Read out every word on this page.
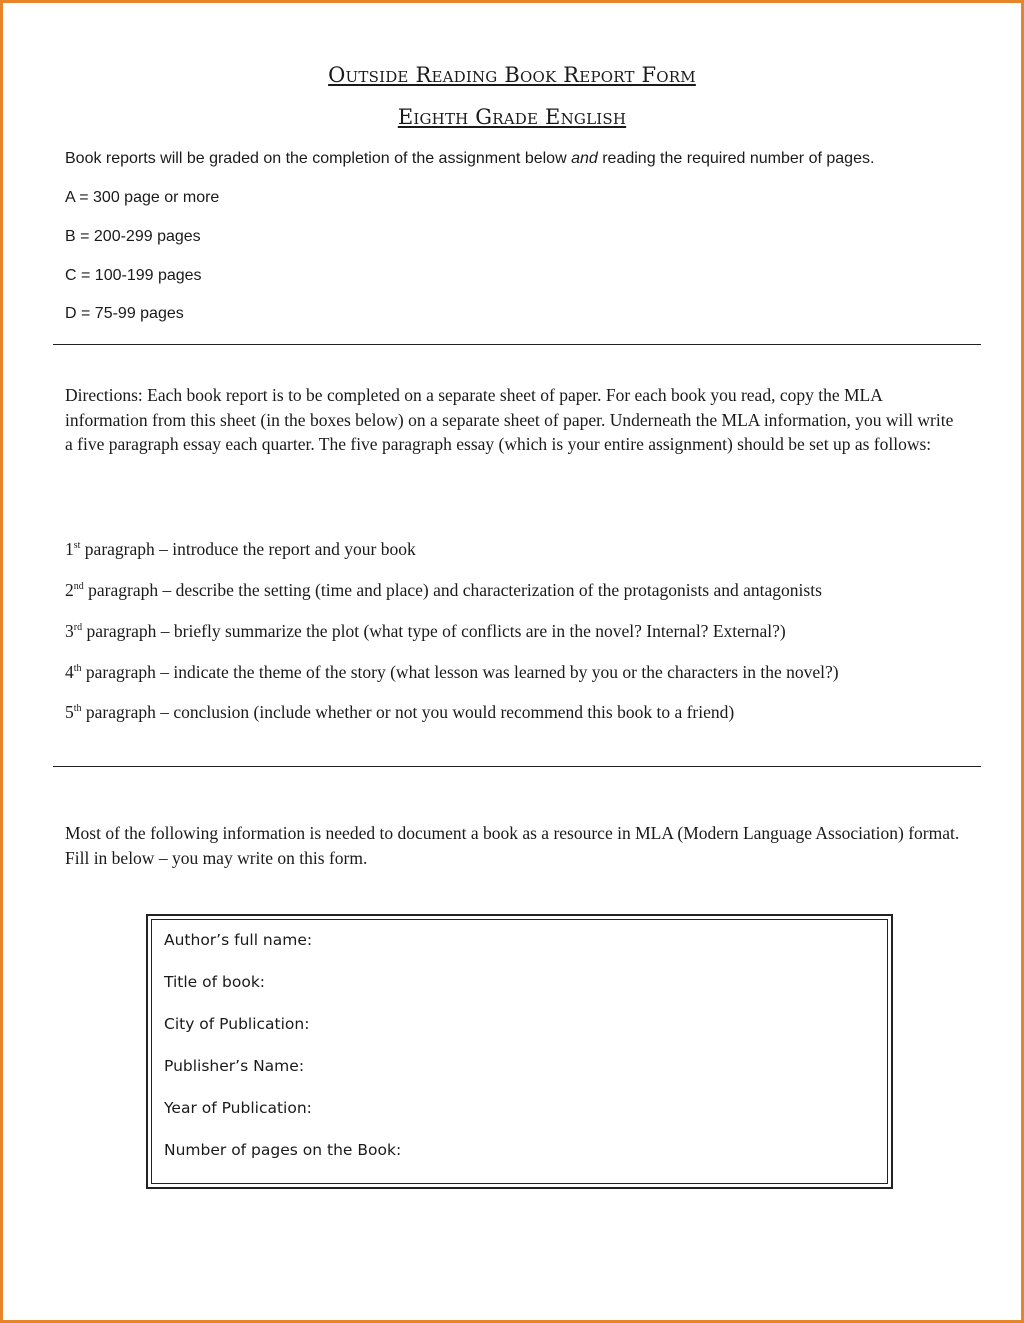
Outside Reading Book Report Form
Eighth Grade English

Book reports will be graded on the completion of the assignment below and reading the required number of pages.

A = 300 page or more

B = 200-299 pages

C = 100-199 pages

D = 75-99 pages

Directions: Each book report is to be completed on a separate sheet of paper. For each book you read, copy the MLA information from this sheet (in the boxes below) on a separate sheet of paper. Underneath the MLA information, you will write a five paragraph essay each quarter. The five paragraph essay (which is your entire assignment) should be set up as follows:

1st paragraph – introduce the report and your book

2nd paragraph – describe the setting (time and place) and characterization of the protagonists and antagonists

3rd paragraph – briefly summarize the plot (what type of conflicts are in the novel? Internal? External?)

4th paragraph – indicate the theme of the story (what lesson was learned by you or the characters in the novel?)

5th paragraph – conclusion (include whether or not you would recommend this book to a friend)

Most of the following information is needed to document a book as a resource in MLA (Modern Language Association) format. Fill in below – you may write on this form.

Author’s full name:

Title of book:

City of Publication:

Publisher’s Name:

Year of Publication:

Number of pages on the Book:
